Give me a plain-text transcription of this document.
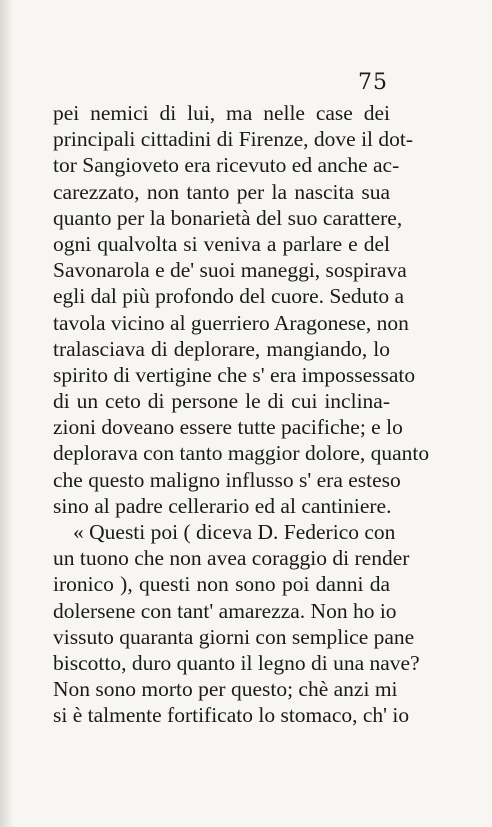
75
pei nemici di lui, ma nelle case dei
principali cittadini di Firenze, dove il dot-
tor Sangioveto era ricevuto ed anche ac-
carezzato, non tanto per la nascita sua
quanto per la bonarietà del suo carattere,
ogni qualvolta si veniva a parlare e del
Savonarola e de' suoi maneggi, sospirava
egli dal più profondo del cuore. Seduto a
tavola vicino al guerriero Aragonese, non
tralasciava di deplorare, mangiando, lo
spirito di vertigine che s' era impossessato
di un ceto di persone le di cui inclina-
zioni doveano essere tutte pacifiche; e lo
deplorava con tanto maggior dolore, quanto
che questo maligno influsso s' era esteso
sino al padre cellerario ed al cantiniere.
« Questi poi ( diceva D. Federico con
un tuono che non avea coraggio di render
ironico ), questi non sono poi danni da
dolersene con tant' amarezza. Non ho io
vissuto quaranta giorni con semplice pane
biscotto, duro quanto il legno di una nave?
Non sono morto per questo; chè anzi mi
si è talmente fortificato lo stomaco, ch' io
